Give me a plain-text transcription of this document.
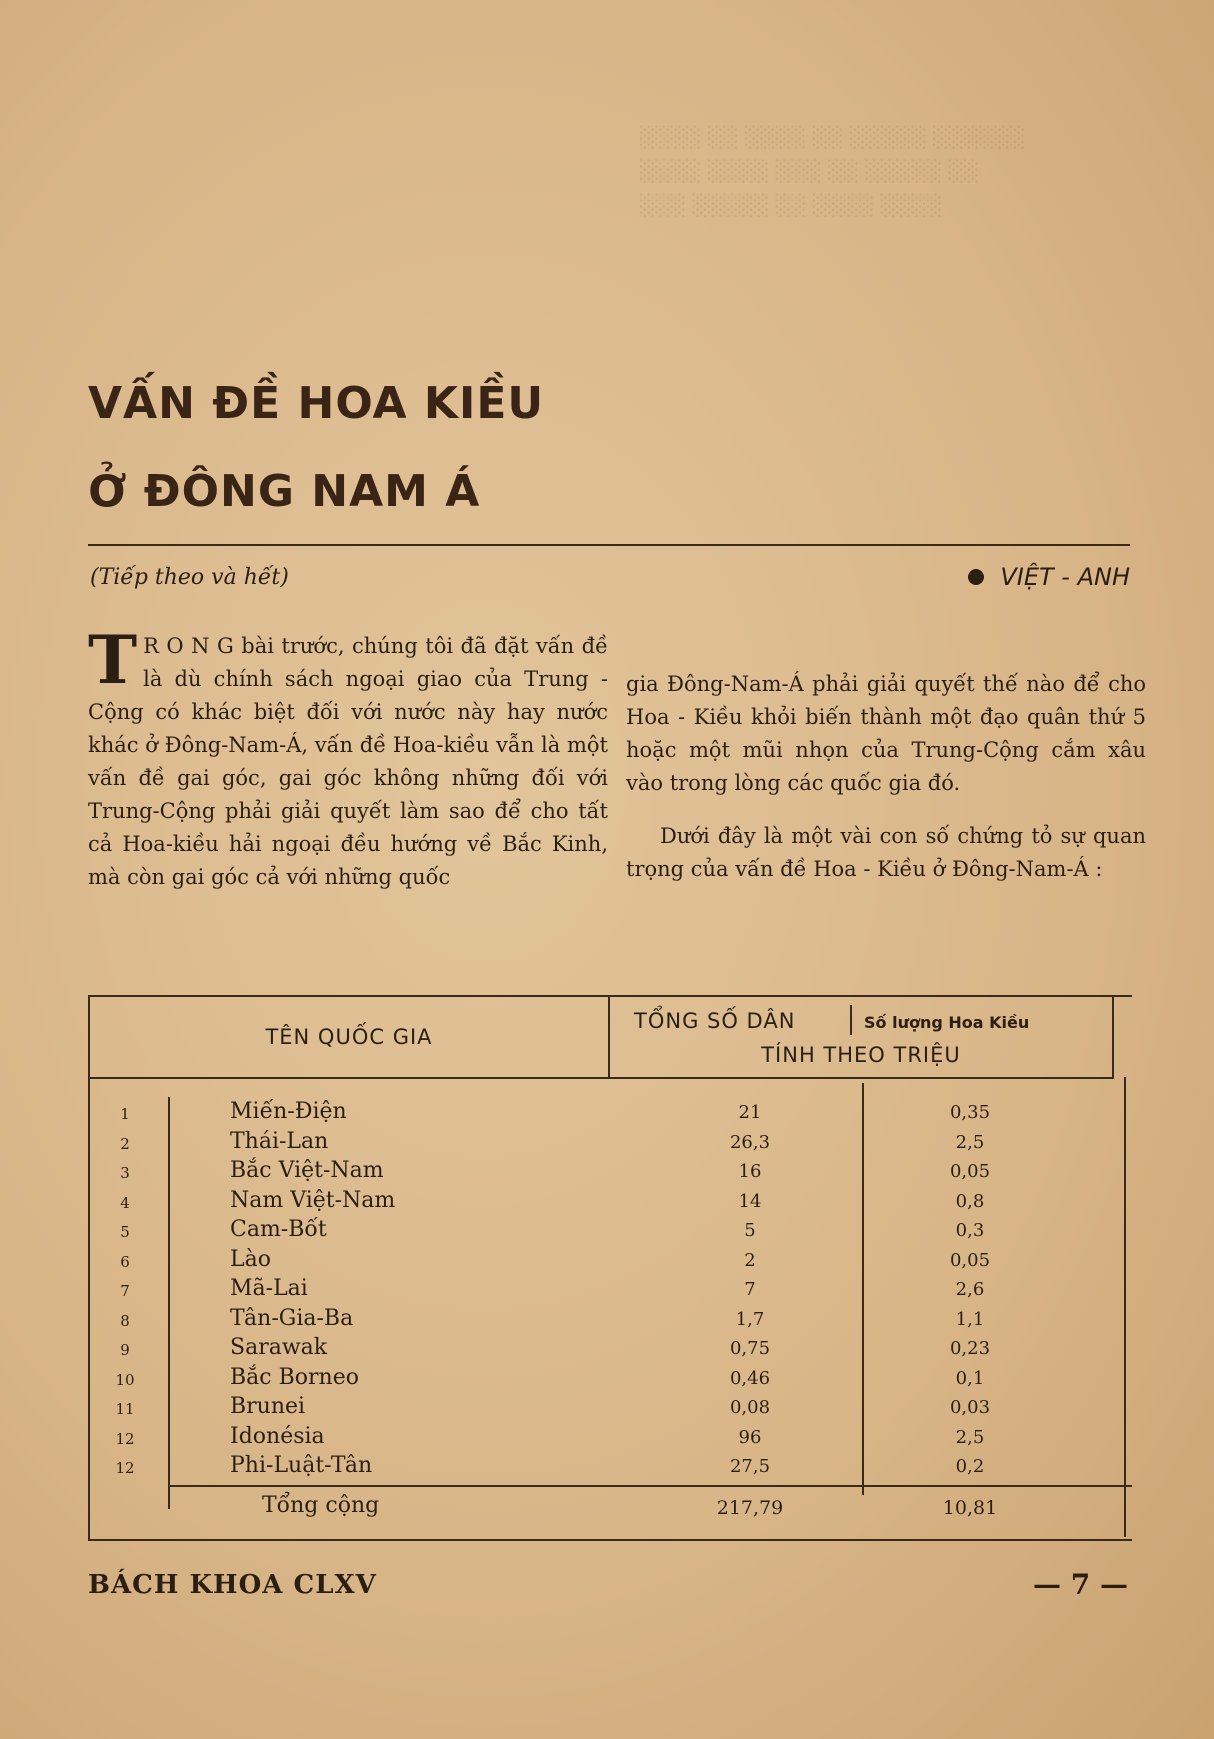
░░░░ ░░ ░░░░ ░░ ░░░░░ ░░░░░░
░░░░ ░░░░ ░░░ ░░ ░░░░░ ░░
░░░ ░░░░░ ░░ ░░░░ ░░░░
VẤN ĐỀ HOA KIỀU
Ở ĐÔNG NAM Á
(Tiếp theo và hết)	VIỆT - ANH
T R O N G bài trước, chúng tôi đã đặt vấn đề là dù chính sách ngoại giao của Trung - Cộng có khác biệt đối với nước này hay nước khác ở Đông-Nam-Á, vấn đề Hoa-kiều vẫn là một vấn đề gai góc, gai góc không những đối với Trung-Cộng phải giải quyết làm sao để cho tất cả Hoa-kiều hải ngoại đều hướng về Bắc Kinh, mà còn gai góc cả với những quốc

gia Đông-Nam-Á phải giải quyết thế nào để cho Hoa - Kiều khỏi biến thành một đạo quân thứ 5 hoặc một mũi nhọn của Trung-Cộng cắm xâu vào trong lòng các quốc gia đó.

Dưới đây là một vài con số chứng tỏ sự quan trọng của vấn đề Hoa - Kiều ở Đông-Nam-Á :

TÊN QUỐC GIA
TỔNG SỐ DÂN	Số lượng Hoa Kiều
TÍNH THEO TRIỆU
1	Miến-Điện	21	0,35
2	Thái-Lan	26,3	2,5
3	Bắc Việt-Nam	16	0,05
4	Nam Việt-Nam	14	0,8
5	Cam-Bốt	5	0,3
6	Lào	2	0,05
7	Mã-Lai	7	2,6
8	Tân-Gia-Ba	1,7	1,1
9	Sarawak	0,75	0,23
10	Bắc Borneo	0,46	0,1
11	Brunei	0,08	0,03
12	Idonésia	96	2,5
12	Phi-Luật-Tân	27,5	0,2
Tổng cộng	217,79	10,81
BÁCH KHOA CLXV	— 7 —
